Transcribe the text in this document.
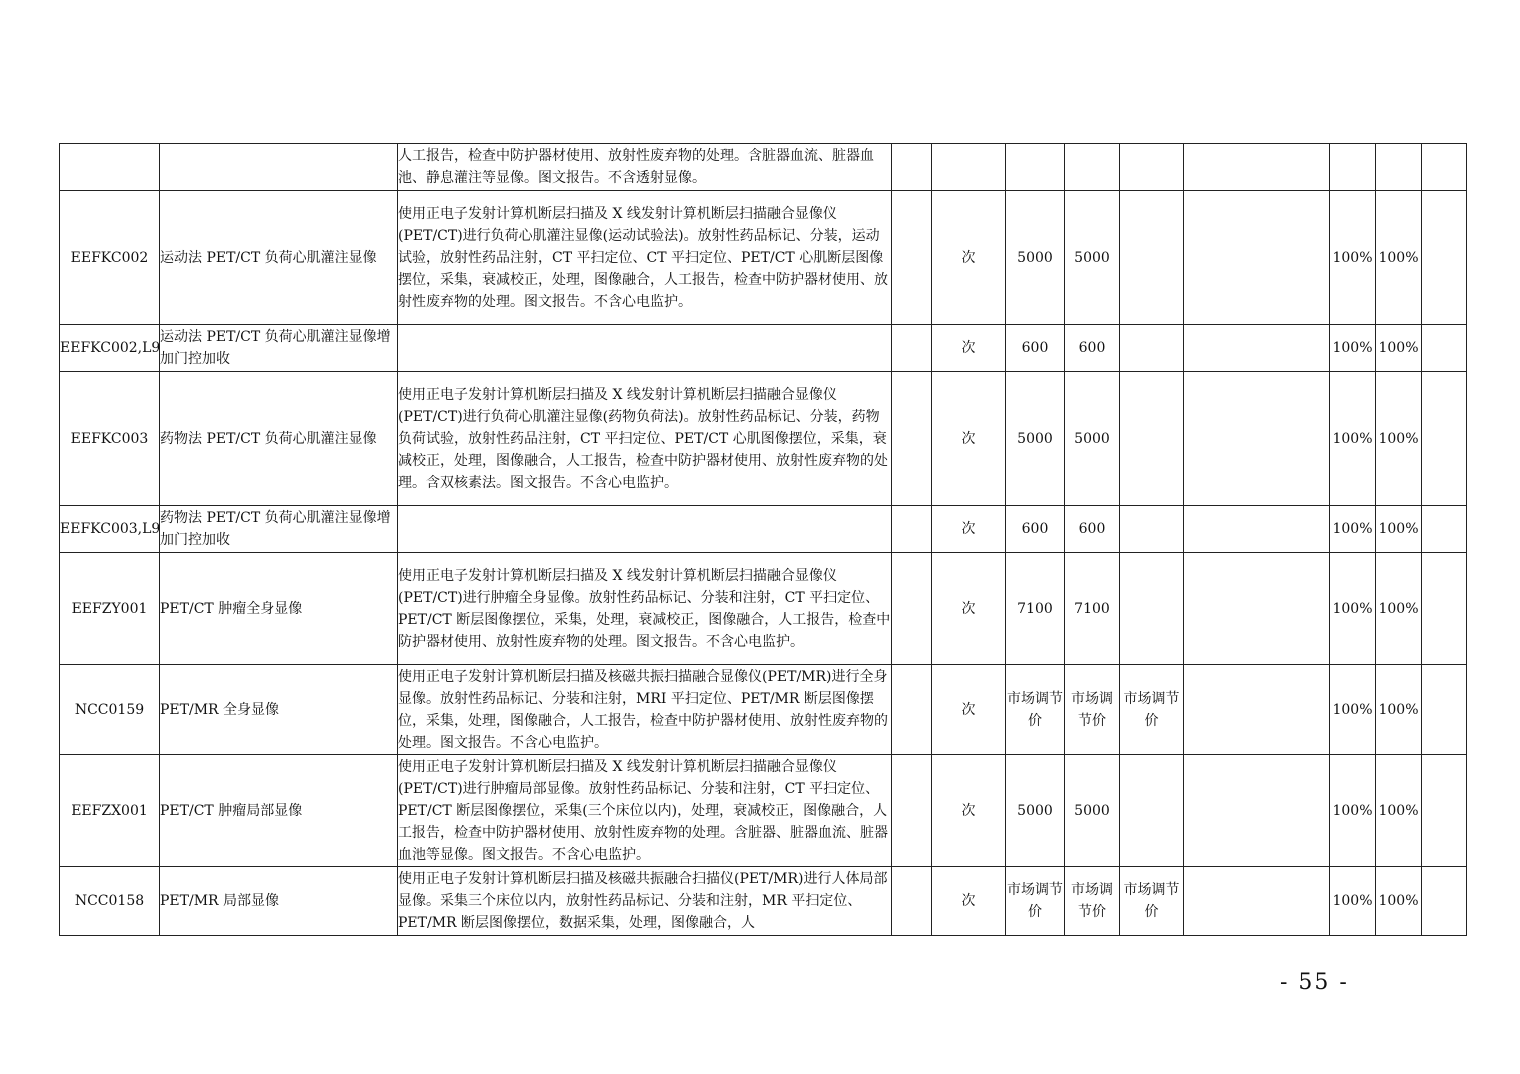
		人工报告，检查中防护器材使用、放射性废弃物的处理。含脏器血流、脏器血池、静息灌注等显像。图文报告。不含透射显像。									
EEFKC002	运动法 PET/CT 负荷心肌灌注显像	使用正电子发射计算机断层扫描及 X 线发射计算机断层扫描融合显像仪(PET/CT)进行负荷心肌灌注显像(运动试验法)。放射性药品标记、分装，运动试验，放射性药品注射，CT 平扫定位、CT 平扫定位、PET/CT 心肌断层图像摆位，采集，衰减校正，处理，图像融合，人工报告，检查中防护器材使用、放射性废弃物的处理。图文报告。不含心电监护。		次	5000	5000			100%	100%	
EEFKC002,L9	运动法 PET/CT 负荷心肌灌注显像增加门控加收			次	600	600			100%	100%	
EEFKC003	药物法 PET/CT 负荷心肌灌注显像	使用正电子发射计算机断层扫描及 X 线发射计算机断层扫描融合显像仪(PET/CT)进行负荷心肌灌注显像(药物负荷法)。放射性药品标记、分装，药物负荷试验，放射性药品注射，CT 平扫定位、PET/CT 心肌图像摆位，采集，衰减校正，处理，图像融合，人工报告，检查中防护器材使用、放射性废弃物的处理。含双核素法。图文报告。不含心电监护。		次	5000	5000			100%	100%	
EEFKC003,L9	药物法 PET/CT 负荷心肌灌注显像增加门控加收			次	600	600			100%	100%	
EEFZY001	PET/CT 肿瘤全身显像	使用正电子发射计算机断层扫描及 X 线发射计算机断层扫描融合显像仪(PET/CT)进行肿瘤全身显像。放射性药品标记、分装和注射，CT 平扫定位、PET/CT 断层图像摆位，采集，处理，衰减校正，图像融合，人工报告，检查中防护器材使用、放射性废弃物的处理。图文报告。不含心电监护。		次	7100	7100			100%	100%	
NCC0159	PET/MR 全身显像	使用正电子发射计算机断层扫描及核磁共振扫描融合显像仪(PET/MR)进行全身显像。放射性药品标记、分装和注射，MRI 平扫定位、PET/MR 断层图像摆位，采集，处理，图像融合，人工报告，检查中防护器材使用、放射性废弃物的处理。图文报告。不含心电监护。		次	市场调节价	市场调节价	市场调节价		100%	100%	
EEFZX001	PET/CT 肿瘤局部显像	使用正电子发射计算机断层扫描及 X 线发射计算机断层扫描融合显像仪(PET/CT)进行肿瘤局部显像。放射性药品标记、分装和注射，CT 平扫定位、PET/CT 断层图像摆位，采集(三个床位以内)，处理，衰减校正，图像融合，人工报告，检查中防护器材使用、放射性废弃物的处理。含脏器、脏器血流、脏器血池等显像。图文报告。不含心电监护。		次	5000	5000			100%	100%	
NCC0158	PET/MR 局部显像	使用正电子发射计算机断层扫描及核磁共振融合扫描仪(PET/MR)进行人体局部显像。采集三个床位以内，放射性药品标记、分装和注射，MR 平扫定位、PET/MR 断层图像摆位，数据采集，处理，图像融合，人		次	市场调节价	市场调节价	市场调节价		100%	100%	
- 55 -
